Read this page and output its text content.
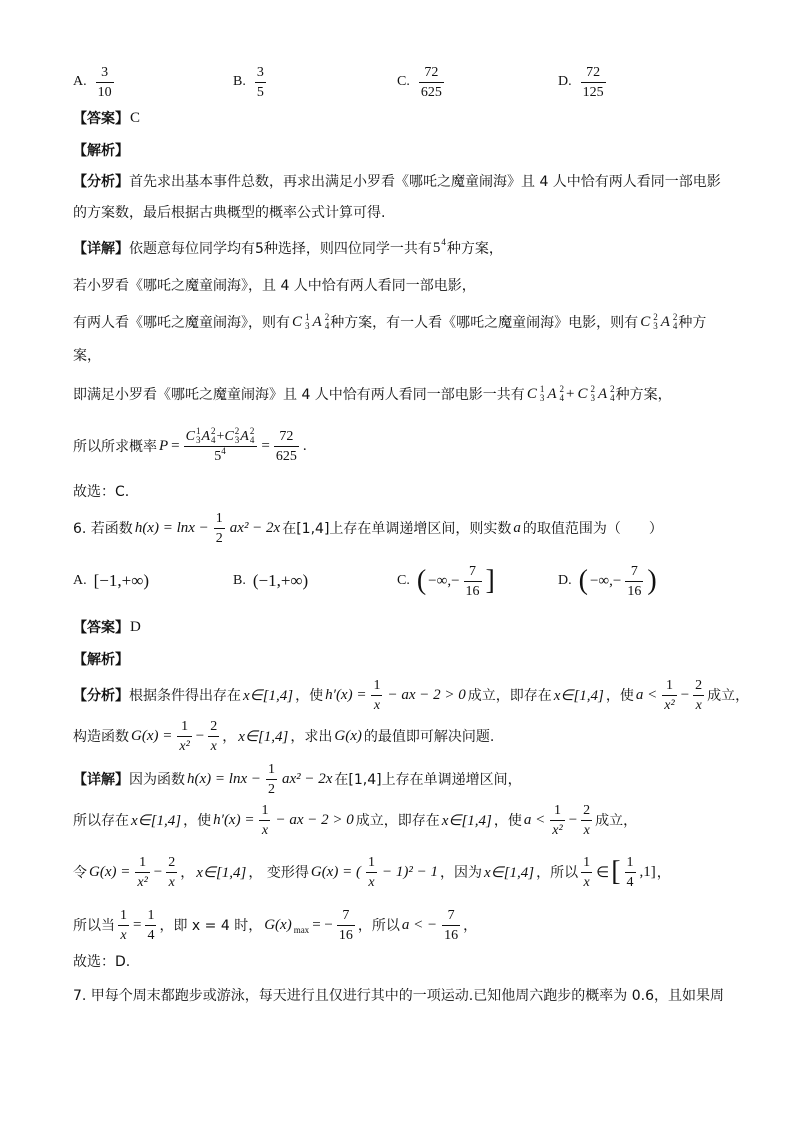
A. $\frac{3}{10}$	B. $\frac{3}{5}$	C. $\frac{72}{625}$	D. $\frac{72}{125}$
【答案】 C
【解析】
【分析】 首先求出基本事件总数，再求出满足小罗看《哪吒之魔童闹海》且 4 人中恰有两人看同一部电影
的方案数，最后根据古典概型的概率公式计算可得.
【详解】 依题意每位同学均有5种选择，则四位同学一共有 5 4 种方案，
若小罗看《哪吒之魔童闹海》，且 4 人中恰有两人看同一部电影，
有两人看《哪吒之魔童闹海》，则有 C 1
3 A 2
4 种方案，有一人看《哪吒之魔童闹海》电影，则有 C 2
3 A 2
4 种方
案，
即满足小罗看《哪吒之魔童闹海》且 4 人中恰有两人看同一部电影一共有 C 1
3 A 2
4 + C 2
3 A 2
4 种方案，
所以所求概率 P = C 1
3 A 2
4 + C 2
3 A 2
4
5 $4 = \frac{72}{625}$ .
故选：C.
6. 若函数 $h(x) = \ln x - \frac{1}{2} ax^2 - 2x$ 在[1,4]上存在单调递增区间，则实数 a 的取值范围为（　　）
A. [−1,+∞)	B. (−1,+∞)	C. ( −∞,− $\frac{7}{16}$ ]	D. ( −∞,− $\frac{7}{16}$ )
【答案】 D
【解析】
【分析】 根据条件得出存在 x∈[1,4] ，使 $h'(x) = \frac{1}{x}$ − ax − 2 > 0 成立，即存在 x∈[1,4] ，使 $a < \frac{1}{\text{x²}} - \frac{2}{x}$ 成立，
构造函数 $G(x) = \frac{1}{\text{x²}} - \frac{2}{x}$ ， x∈[1,4] ，求出 G(x) 的最值即可解决问题.
【详解】 因为函数 $h(x) = \ln x - \frac{1}{2} ax^2 - 2x$ 在[1,4]上存在单调递增区间，
所以存在 x∈[1,4] ，使 $h'(x) = \frac{1}{x}$ − ax − 2 > 0 成立，即存在 x∈[1,4] ，使 $a < \frac{1}{\text{x²}} - \frac{2}{x}$ 成立，
令 $G(x) = \frac{1}{\text{x²}} - \frac{2}{x}$ ， x∈[1,4] ， 变形得 G(x) = ( $\frac{1}{x} - 1)^2 - 1$ ，因为 x∈[1,4] ，所以 $\frac{1}{x}$ ∈ [ $\frac{1}{4} ,1$] ，
所以当 $\frac{1}{x} = \frac{1}{4}$ ，即 x = 4 时， G(x) max = − $\frac{7}{16}$ ，所以 a < − $\frac{7}{16}$ ，
故选：D.
7. 甲每个周末都跑步或游泳，每天进行且仅进行其中的一项运动.已知他周六跑步的概率为 0.6，且如果周
